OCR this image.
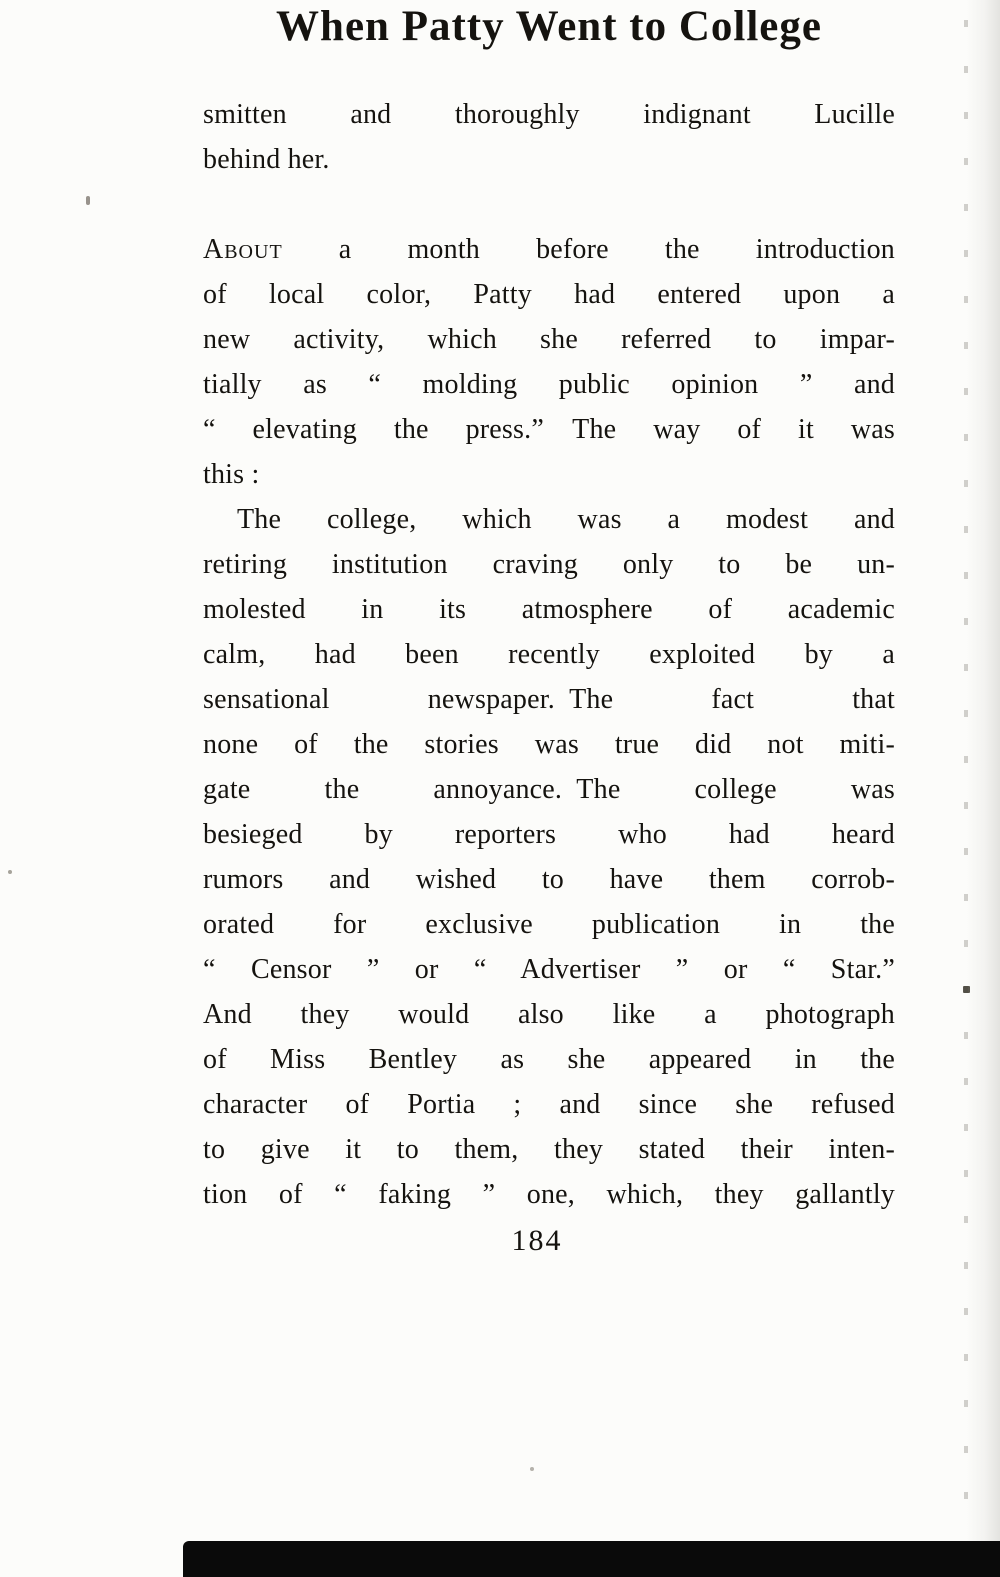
When Patty Went to College
smitten and thoroughly indignant Lucille
behind her.
About a month before the introduction
of local color, Patty had entered upon a
new activity, which she referred to impar-
tially as “ molding public opinion ” and
“ elevating the press.” The way of it was
this :
The college, which was a modest and
retiring institution craving only to be un-
molested in its atmosphere of academic
calm, had been recently exploited by a
sensational newspaper. The fact that
none of the stories was true did not miti-
gate the annoyance. The college was
besieged by reporters who had heard
rumors and wished to have them corrob-
orated for exclusive publication in the
“ Censor ” or “ Advertiser ” or “ Star.”
And they would also like a photograph
of Miss Bentley as she appeared in the
character of Portia ; and since she refused
to give it to them, they stated their inten-
tion of “ faking ” one, which, they gallantly
184
